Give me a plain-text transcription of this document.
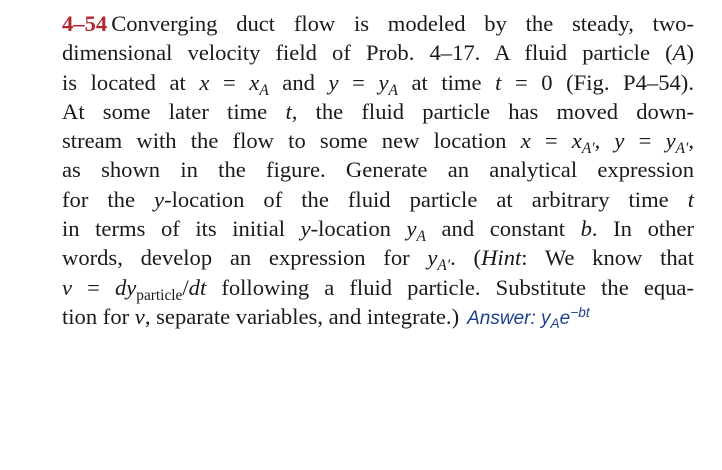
4–54 Converging duct flow is modeled by the steady, two-
dimensional velocity field of Prob. 4–17. A fluid particle (A)
is located at $x = x_A$ and $y = y_A$ at time t = 0 (Fig. P4–54).
At some later time t, the fluid particle has moved down-
stream with the flow to some new location $x = x_{A'}$, $y = y_{A'}$,
as shown in the figure. Generate an analytical expression
for the y-location of the fluid particle at arbitrary time t
in terms of its initial y-location $y_A$ and constant b. In other
words, develop an expression for $y_{A'}$. (Hint: We know that
$v = dy_{particle}/dt$ following a fluid particle. Substitute the equa-
tion for v, separate variables, and integrate.) Answer: $y_Ae^{-bt}$
